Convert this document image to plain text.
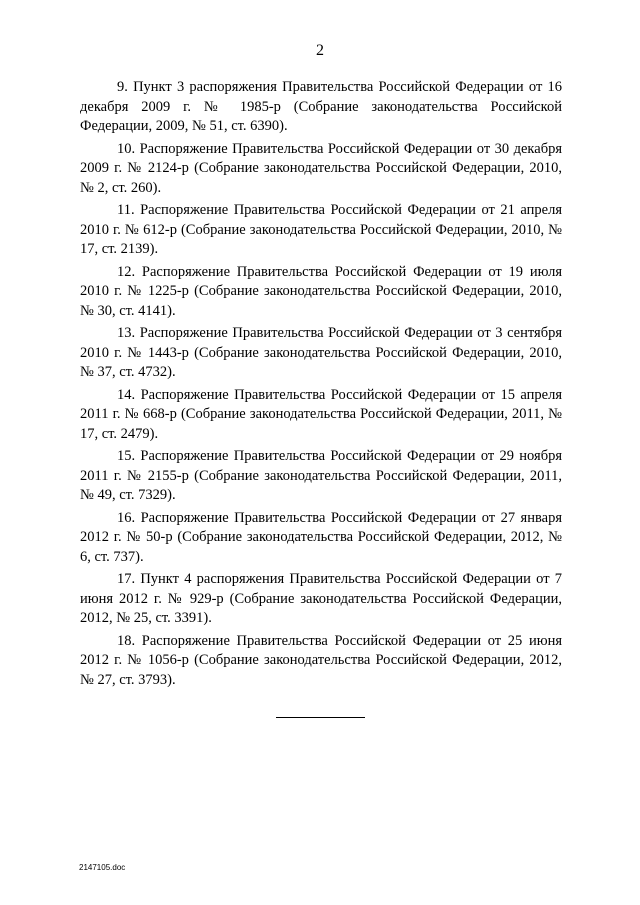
2

9. Пункт 3 распоряжения Правительства Российской Федерации от 16 декабря 2009 г. № 1985-р (Собрание законодательства Российской Федерации, 2009, № 51, ст. 6390).

10. Распоряжение Правительства Российской Федерации от 30 декабря 2009 г. № 2124-р (Собрание законодательства Российской Федерации, 2010, № 2, ст. 260).

11. Распоряжение Правительства Российской Федерации от 21 апреля 2010 г. № 612-р (Собрание законодательства Российской Федерации, 2010, № 17, ст. 2139).

12. Распоряжение Правительства Российской Федерации от 19 июля 2010 г. № 1225-р (Собрание законодательства Российской Федерации, 2010, № 30, ст. 4141).

13. Распоряжение Правительства Российской Федерации от 3 сентября 2010 г. № 1443-р (Собрание законодательства Российской Федерации, 2010, № 37, ст. 4732).

14. Распоряжение Правительства Российской Федерации от 15 апреля 2011 г. № 668-р (Собрание законодательства Российской Федерации, 2011, № 17, ст. 2479).

15. Распоряжение Правительства Российской Федерации от 29 ноября 2011 г. № 2155-р (Собрание законодательства Российской Федерации, 2011, № 49, ст. 7329).

16. Распоряжение Правительства Российской Федерации от 27 января 2012 г. № 50-р (Собрание законодательства Российской Федерации, 2012, № 6, ст. 737).

17. Пункт 4 распоряжения Правительства Российской Федерации от 7 июня 2012 г. № 929-р (Собрание законодательства Российской Федерации, 2012, № 25, ст. 3391).

18. Распоряжение Правительства Российской Федерации от 25 июня 2012 г. № 1056-р (Собрание законодательства Российской Федерации, 2012, № 27, ст. 3793).

2147105.doc
